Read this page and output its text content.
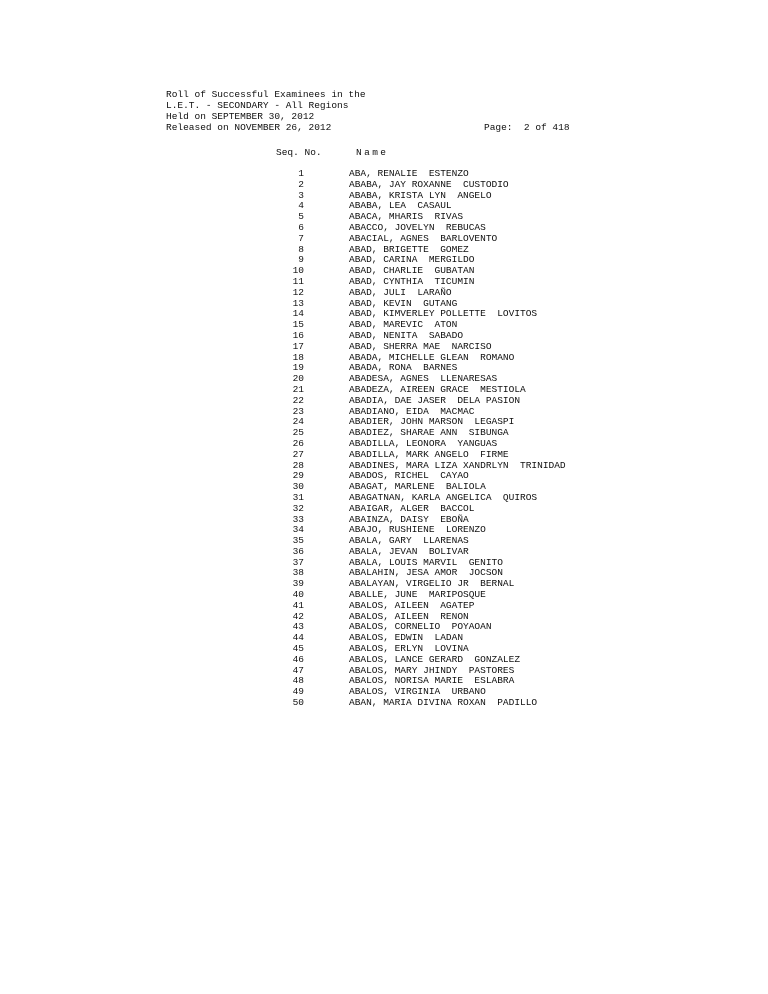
Roll of Successful Examinees in the
L.E.T. - SECONDARY - All Regions
Held on SEPTEMBER 30, 2012
Released on NOVEMBER 26, 2012	Page: 2 of 418
Seq. No.	Name
1	ABA, RENALIE  ESTENZO
2	ABABA, JAY ROXANNE  CUSTODIO
3	ABABA, KRISTA LYN  ANGELO
4	ABABA, LEA  CASAUL
5	ABACA, MHARIS  RIVAS
6	ABACCO, JOVELYN  REBUCAS
7	ABACIAL, AGNES  BARLOVENTO
8	ABAD, BRIGETTE  GOMEZ
9	ABAD, CARINA  MERGILDO
10	ABAD, CHARLIE  GUBATAN
11	ABAD, CYNTHIA  TICUMIN
12	ABAD, JULI  LARAÑO
13	ABAD, KEVIN  GUTANG
14	ABAD, KIMVERLEY POLLETTE  LOVITOS
15	ABAD, MAREVIC  ATON
16	ABAD, NENITA  SABADO
17	ABAD, SHERRA MAE  NARCISO
18	ABADA, MICHELLE GLEAN  ROMANO
19	ABADA, RONA  BARNES
20	ABADESA, AGNES  LLENARESAS
21	ABADEZA, AIREEN GRACE  MESTIOLA
22	ABADIA, DAE JASER  DELA PASION
23	ABADIANO, EIDA  MACMAC
24	ABADIER, JOHN MARSON  LEGASPI
25	ABADIEZ, SHARAE ANN  SIBUNGA
26	ABADILLA, LEONORA  YANGUAS
27	ABADILLA, MARK ANGELO  FIRME
28	ABADINES, MARA LIZA XANDRLYN  TRINIDAD
29	ABADOS, RICHEL  CAYAO
30	ABAGAT, MARLENE  BALIOLA
31	ABAGATNAN, KARLA ANGELICA  QUIROS
32	ABAIGAR, ALGER  BACCOL
33	ABAINZA, DAISY  EBOÑA
34	ABAJO, RUSHIENE  LORENZO
35	ABALA, GARY  LLARENAS
36	ABALA, JEVAN  BOLIVAR
37	ABALA, LOUIS MARVIL  GENITO
38	ABALAHIN, JESA AMOR  JOCSON
39	ABALAYAN, VIRGELIO JR  BERNAL
40	ABALLE, JUNE  MARIPOSQUE
41	ABALOS, AILEEN  AGATEP
42	ABALOS, AILEEN  RENON
43	ABALOS, CORNELIO  POYAOAN
44	ABALOS, EDWIN  LADAN
45	ABALOS, ERLYN  LOVINA
46	ABALOS, LANCE GERARD  GONZALEZ
47	ABALOS, MARY JHINDY  PASTORES
48	ABALOS, NORISA MARIE  ESLABRA
49	ABALOS, VIRGINIA  URBANO
50	ABAN, MARIA DIVINA ROXAN  PADILLO
